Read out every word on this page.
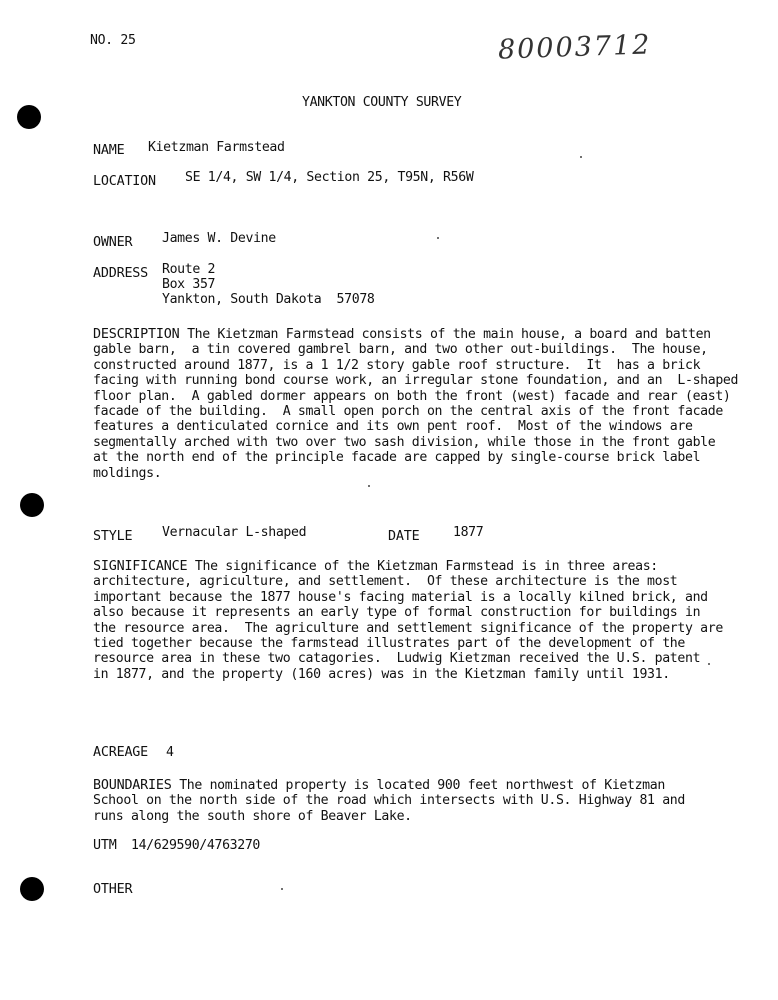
NO. 25	80003712
YANKTON COUNTY SURVEY
NAME Kietzman Farmstead
LOCATION SE 1/4, SW 1/4, Section 25, T95N, R56W
OWNER James W. Devine
ADDRESS Route 2
Box 357
Yankton, South Dakota  57078
DESCRIPTION The Kietzman Farmstead consists of the main house, a board and batten
gable barn,  a tin covered gambrel barn, and two other out-buildings.  The house,
constructed around 1877, is a 1 1/2 story gable roof structure.  It  has a brick
facing with running bond course work, an irregular stone foundation, and an  L-shaped
floor plan.  A gabled dormer appears on both the front (west) facade and rear (east)
facade of the building.  A small open porch on the central axis of the front facade
features a denticulated cornice and its own pent roof.  Most of the windows are
segmentally arched with two over two sash division, while those in the front gable
at the north end of the principle facade are capped by single-course brick label
moldings.
STYLE Vernacular L-shaped	DATE	1877
SIGNIFICANCE The significance of the Kietzman Farmstead is in three areas:
architecture, agriculture, and settlement.  Of these architecture is the most
important because the 1877 house's facing material is a locally kilned brick, and
also because it represents an early type of formal construction for buildings in
the resource area.  The agriculture and settlement significance of the property are
tied together because the farmstead illustrates part of the development of the
resource area in these two catagories.  Ludwig Kietzman received the U.S. patent
in 1877, and the property (160 acres) was in the Kietzman family until 1931.
ACREAGE 4
BOUNDARIES The nominated property is located 900 feet northwest of Kietzman
School on the north side of the road which intersects with U.S. Highway 81 and
runs along the south shore of Beaver Lake.
UTM 14/629590/4763270
OTHER
